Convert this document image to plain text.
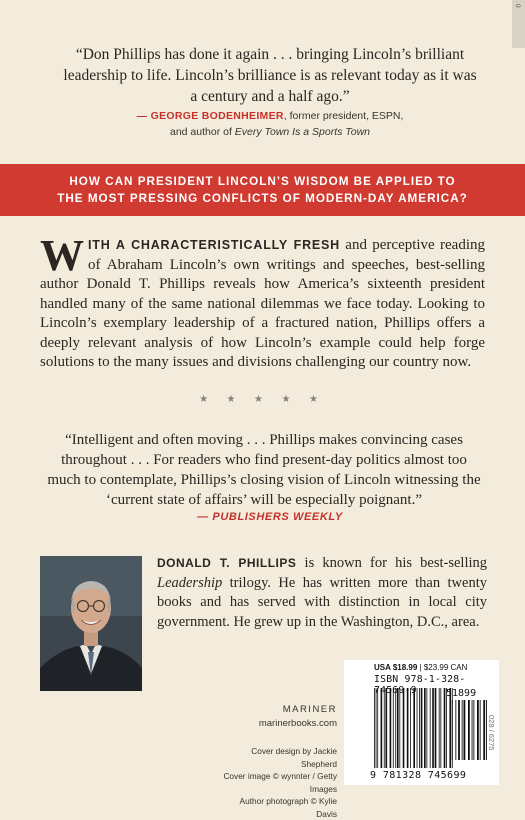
0

“Don Phillips has done it again . . . bringing Lincoln’s brilliant leadership to life. Lincoln’s brilliance is as relevant today as it was a century and a half ago.”

— GEORGE BODENHEIMER, former president, ESPN,
and author of Every Town Is a Sports Town
HOW CAN PRESIDENT LINCOLN’S WISDOM BE APPLIED TO
THE MOST PRESSING CONFLICTS OF MODERN-DAY AMERICA?

WITH A CHARACTERISTICALLY FRESH and perceptive reading of Abraham Lincoln’s own writings and speeches, best-selling author Donald T. Phillips reveals how America’s sixteenth president handled many of the same national dilemmas we face today. Looking to Lincoln’s exemplary leadership of a fractured nation, Phillips offers a deeply relevant analysis of how Lincoln’s example could help forge solutions to the many issues and divisions challenging our country now.

★ ★ ★ ★ ★

“Intelligent and often moving . . . Phillips makes convincing cases throughout . . . For readers who find present-day politics almost too much to contemplate, Phillips’s closing vision of Lincoln witnessing the ‘current state of affairs’ will be especially poignant.”

— PUBLISHERS WEEKLY

DONALD T. PHILLIPS is known for his best-selling Leadership trilogy. He has written more than twenty books and has served with distinction in local city government. He grew up in the Washington, D.C., area.

MARINER
marinerbooks.com
Cover design by Jackie Shepherd
Cover image © wynnter / Getty Images
Author photograph © Kylie Davis
USA $18.99 | $23.99 CAN
ISBN 978-1-328-74569-9	51899
9 781328 745699
028 / 6275
